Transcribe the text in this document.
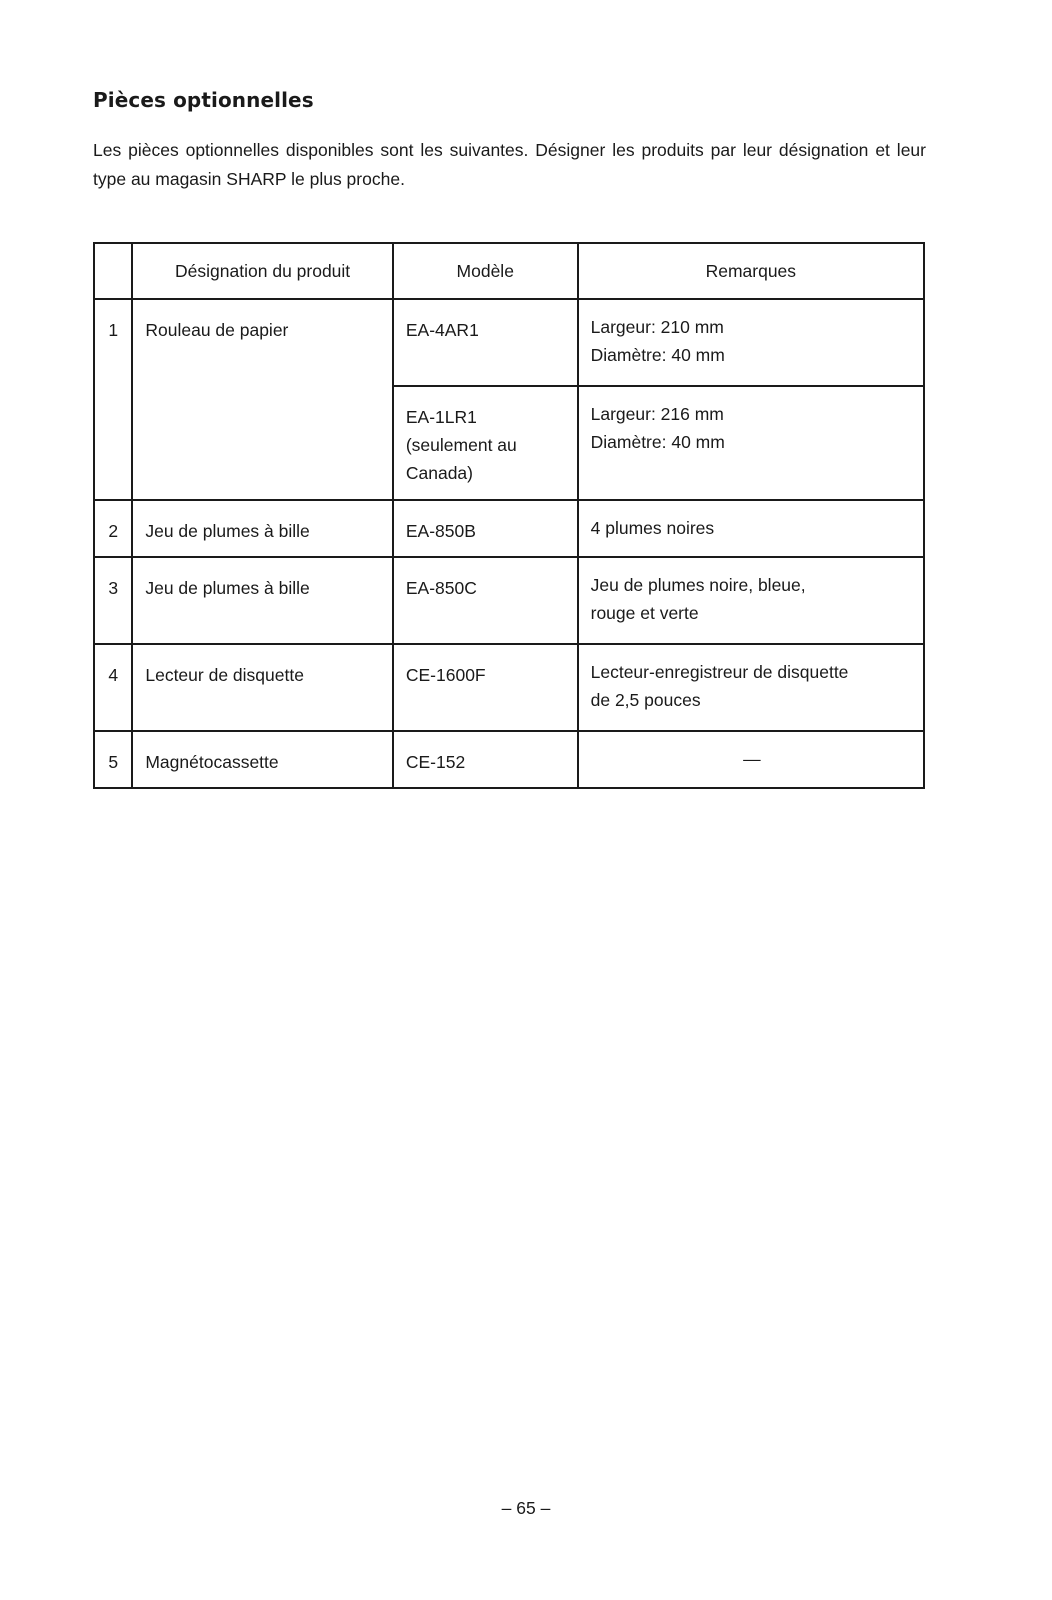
Pièces optionnelles

Les pièces optionnelles disponibles sont les suivantes. Désigner les produits par leur désignation et leur type au magasin SHARP le plus proche.

	Désignation du produit	Modèle	Remarques
1	Rouleau de papier	EA-4AR1	Largeur: 210 mm
Diamètre: 40 mm

		EA-1LR1
(seulement au
Canada)	Largeur: 216 mm
Diamètre: 40 mm

2	Jeu de plumes à bille	EA-850B	4 plumes noires

3	Jeu de plumes à bille	EA-850C	Jeu de plumes noire, bleue,
rouge et verte

4	Lecteur de disquette	CE-1600F	Lecteur-enregistreur de disquette
de 2,5 pouces

5	Magnétocassette	CE-152	—
– 65 –
